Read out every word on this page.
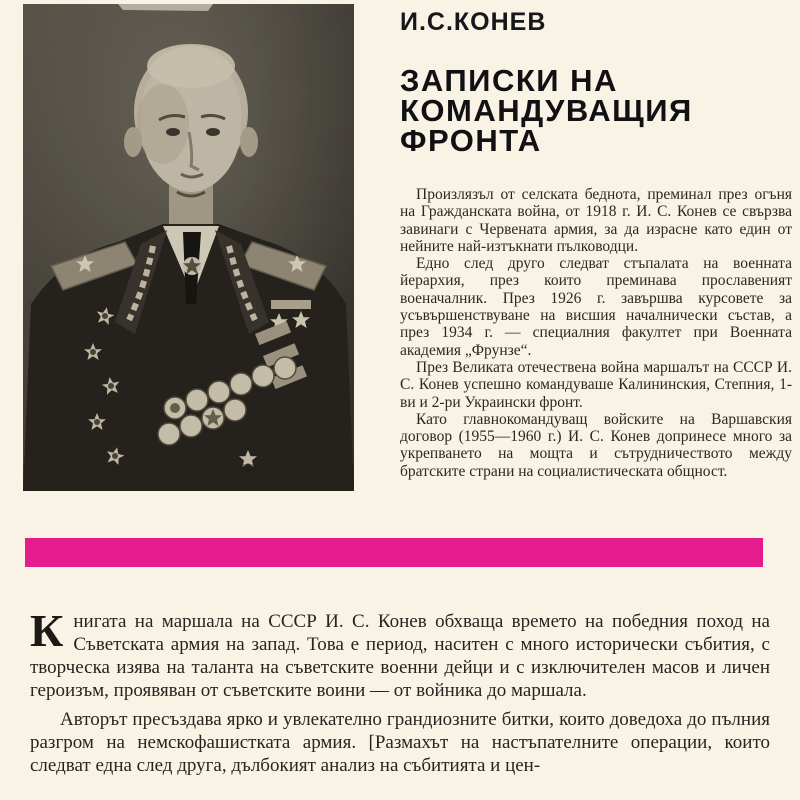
И.С.КОНЕВ
ЗАПИСКИ НА
КОМАНДУВАЩИЯ
ФРОНТА

Произлязъл от селската беднота, преминал през огъня на Гражданската война, от 1918 г. И. С. Конев се свързва завинаги с Червената армия, за да израсне като един от нейните най-изтъкнати пълководци.

Едно след друго следват стъпалата на военната йерархия, през които преминава прославеният военачалник. През 1926 г. завършва курсовете за усъвършенствуване на висшия началнически състав, а през 1934 г. — специалния факултет при Военната академия „Фрунзе“.

През Великата отечествена война маршалът на СССР И. С. Конев успешно командуваше Калининския, Степния, 1-ви и 2-ри Украински фронт.

Като главнокомандуващ войските на Варшавския договор (1955—1960 г.) И. С. Конев допринесе много за укрепването на мощта и сътрудничеството между братските страни на социалистическата общност.

Книгата на маршала на СССР И. С. Конев обхваща времето на победния поход на Съветската армия на запад. Това е период, наситен с много исторически събития, с творческа изява на таланта на съветските военни дейци и с изключителен масов и личен героизъм, проявяван от съветските воини — от войника до маршала.

Авторът пресъздава ярко и увлекателно грандиозните битки, които доведоха до пълния разгром на немскофашистката армия. [Размахът на настъпателните операции, които следват една след друга, дълбокият анализ на събитията и цен-
